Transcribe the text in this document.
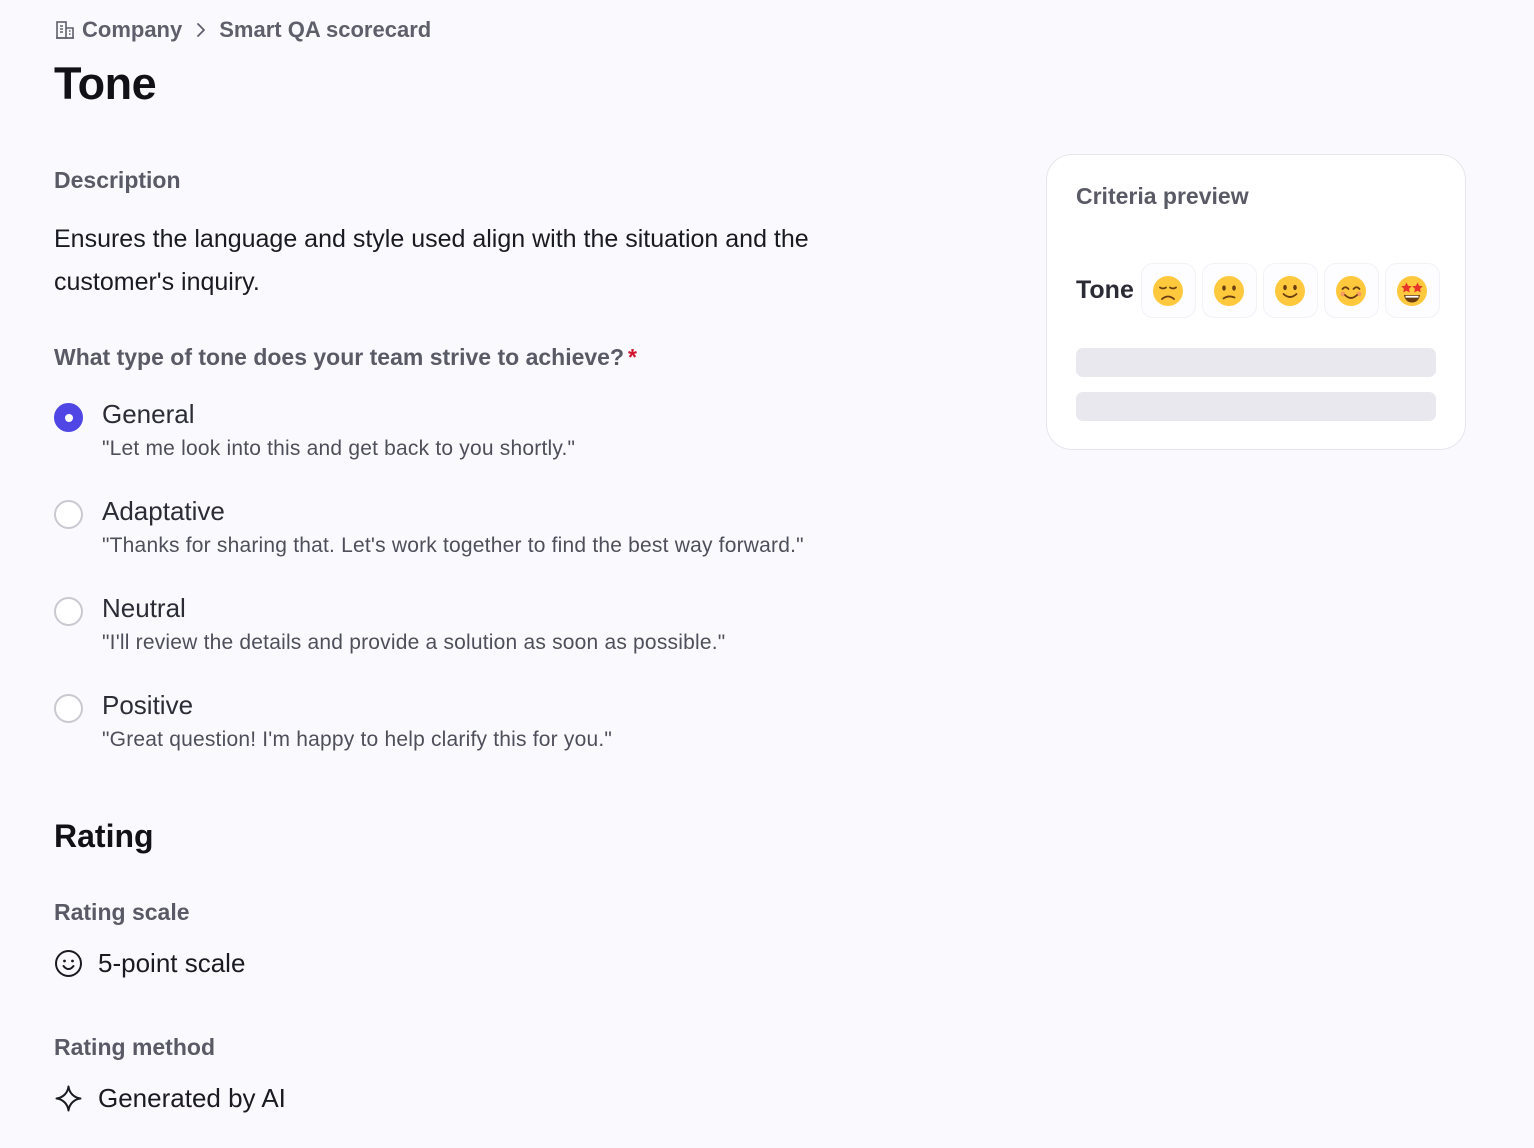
Company Smart QA scorecard
Tone
Description

Ensures the language and style used align with the situation and the customer's inquiry.

What type of tone does your team strive to achieve? *
General
"Let me look into this and get back to you shortly."
Adaptative
"Thanks for sharing that. Let's work together to find the best way forward."
Neutral
"I'll review the details and provide a solution as soon as possible."
Positive
"Great question! I'm happy to help clarify this for you."
Rating
Rating scale
5-point scale
Rating method
Generated by AI
Criteria preview
Tone
